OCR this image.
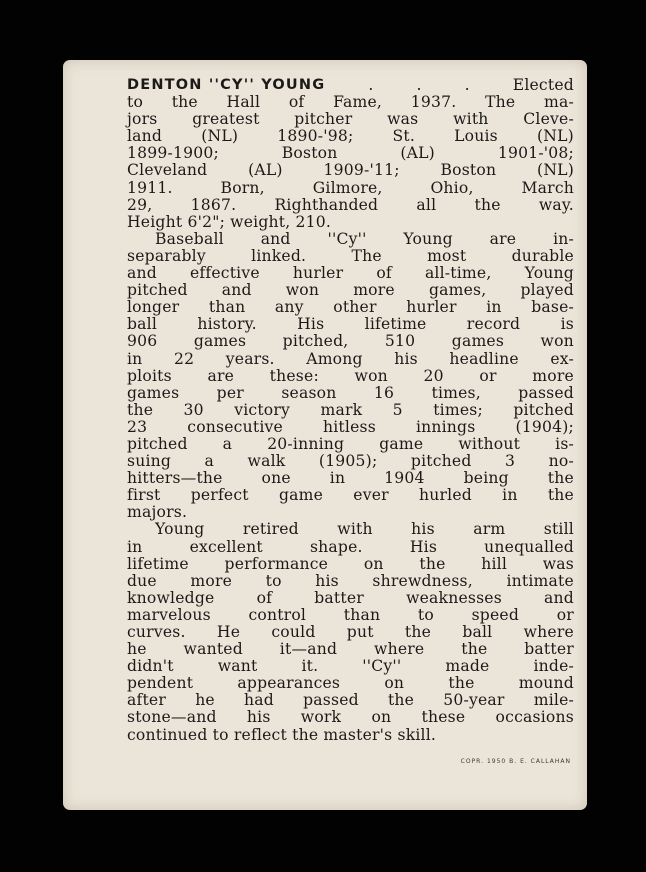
DENTON ''CY'' YOUNG	.	.	.	Elected
to the Hall of Fame, 1937. The ma-
jors greatest pitcher was with Cleve-
land	(NL)	1890-'98;	St.	Louis	(NL)
1899-1900;	Boston	(AL)	1901-'08;
Cleveland	(AL)	1909-'11;	Boston	(NL)
1911.	Born,	Gilmore,	Ohio,	March
29, 1867. Righthanded all the way.
Height 6'2"; weight, 210.
Baseball and ''Cy'' Young are in-
separably	linked.	The	most	durable
and effective hurler of all-time, Young
pitched and won more games, played
longer than any other hurler in base-
ball	history.	His	lifetime	record	is
906 games pitched, 510 games won
in 22 years. Among his headline ex-
ploits are these: won 20 or more
games per season 16 times, passed
the 30 victory mark 5 times; pitched
23	consecutive	hitless	innings	(1904);
pitched a 20-inning game without is-
suing a walk (1905); pitched 3 no-
hitters—the one in 1904 being the
first perfect game ever hurled in the
majors.
Young retired with his arm still
in	excellent	shape.	His	unequalled
lifetime performance on the hill was
due more to his shrewdness, intimate
knowledge	of	batter	weaknesses	and
marvelous control than to speed or
curves. He could put the ball where
he wanted it—and where the batter
didn't	want	it.	''Cy''	made	inde-
pendent	appearances	on	the	mound
after he had passed the 50-year mile-
stone—and his work on these occasions
continued to reflect the master's skill.
COPR. 1950 B. E. CALLAHAN
